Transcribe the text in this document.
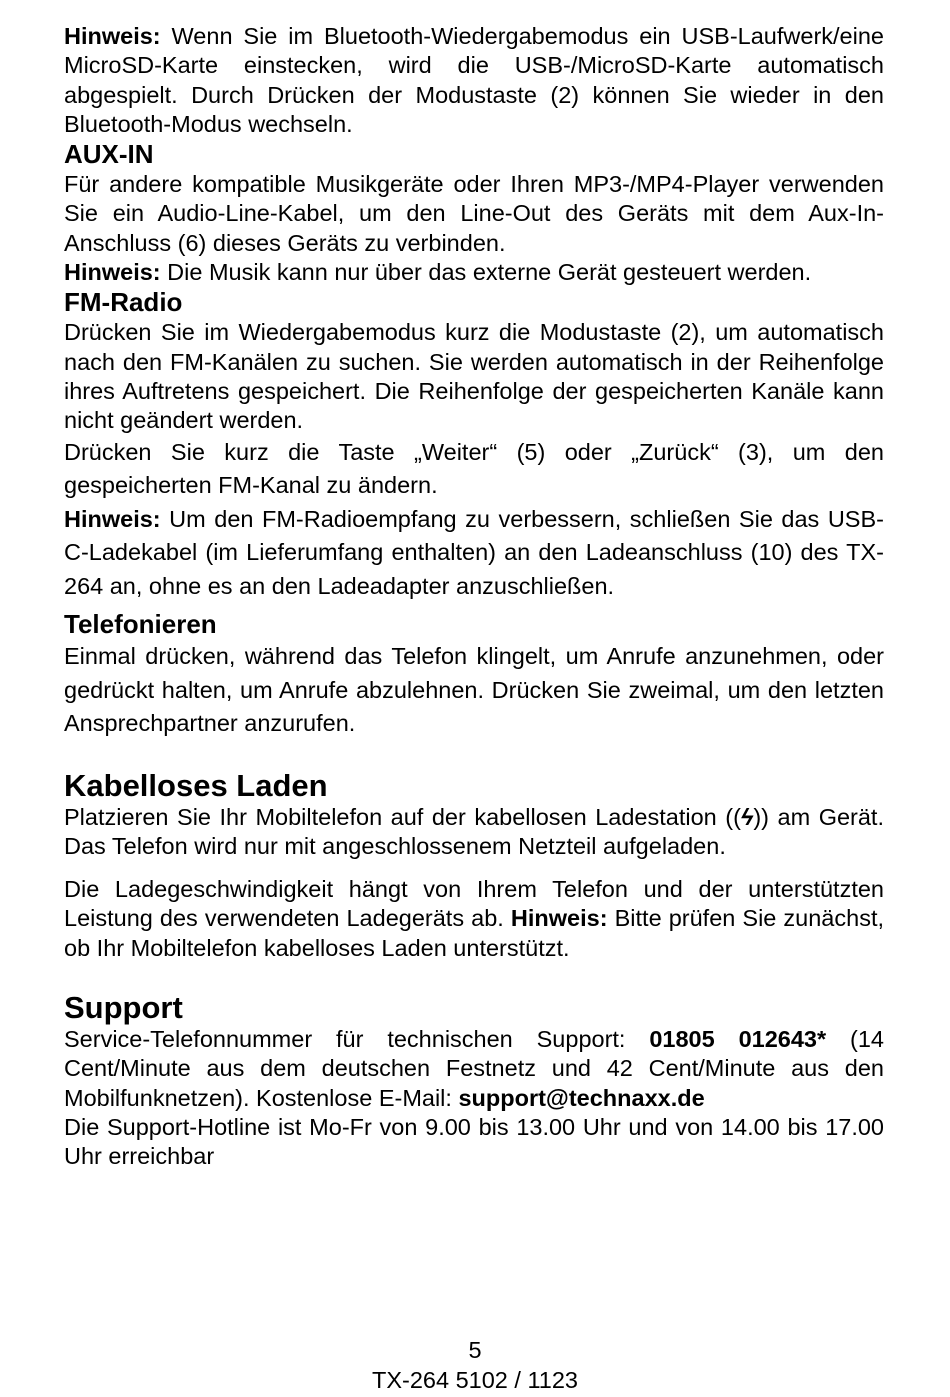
Hinweis: Wenn Sie im Bluetooth-Wiedergabemodus ein USB-Laufwerk/eine MicroSD-Karte einstecken, wird die USB-/MicroSD-Karte automatisch abgespielt. Durch Drücken der Modustaste (2) können Sie wieder in den Bluetooth-Modus wechseln.

AUX-IN

Für andere kompatible Musikgeräte oder Ihren MP3-/MP4-Player verwenden Sie ein Audio-Line-Kabel, um den Line-Out des Geräts mit dem Aux-In-Anschluss (6) dieses Geräts zu verbinden.

Hinweis: Die Musik kann nur über das externe Gerät gesteuert werden.

FM-Radio

Drücken Sie im Wiedergabemodus kurz die Modustaste (2), um automatisch nach den FM-Kanälen zu suchen. Sie werden automatisch in der Reihenfolge ihres Auftretens gespeichert. Die Reihenfolge der gespeicherten Kanäle kann nicht geändert werden.

Drücken Sie kurz die Taste „Weiter“ (5) oder „Zurück“ (3), um den gespeicherten FM-Kanal zu ändern.

Hinweis: Um den FM-Radioempfang zu verbessern, schließen Sie das USB-C-Ladekabel (im Lieferumfang enthalten) an den Ladeanschluss (10) des TX-264 an, ohne es an den Ladeadapter anzuschließen.

Telefonieren

Einmal drücken, während das Telefon klingelt, um Anrufe anzunehmen, oder gedrückt halten, um Anrufe abzulehnen. Drücken Sie zweimal, um den letzten Ansprechpartner anzurufen.

Kabelloses Laden

Platzieren Sie Ihr Mobiltelefon auf der kabellosen Ladestation ((ϟ)) am Gerät. Das Telefon wird nur mit angeschlossenem Netzteil aufgeladen.

Die Ladegeschwindigkeit hängt von Ihrem Telefon und der unterstützten Leistung des verwendeten Ladegeräts ab. Hinweis: Bitte prüfen Sie zunächst, ob Ihr Mobiltelefon kabelloses Laden unterstützt.

Support

Service-Telefonnummer für technischen Support: 01805 012643* (14 Cent/Minute aus dem deutschen Festnetz und 42 Cent/Minute aus den Mobilfunknetzen). Kostenlose E-Mail: support@technaxx.de

Die Support-Hotline ist Mo-Fr von 9.00 bis 13.00 Uhr und von 14.00 bis 17.00 Uhr erreichbar

5
TX-264 5102 / 1123
